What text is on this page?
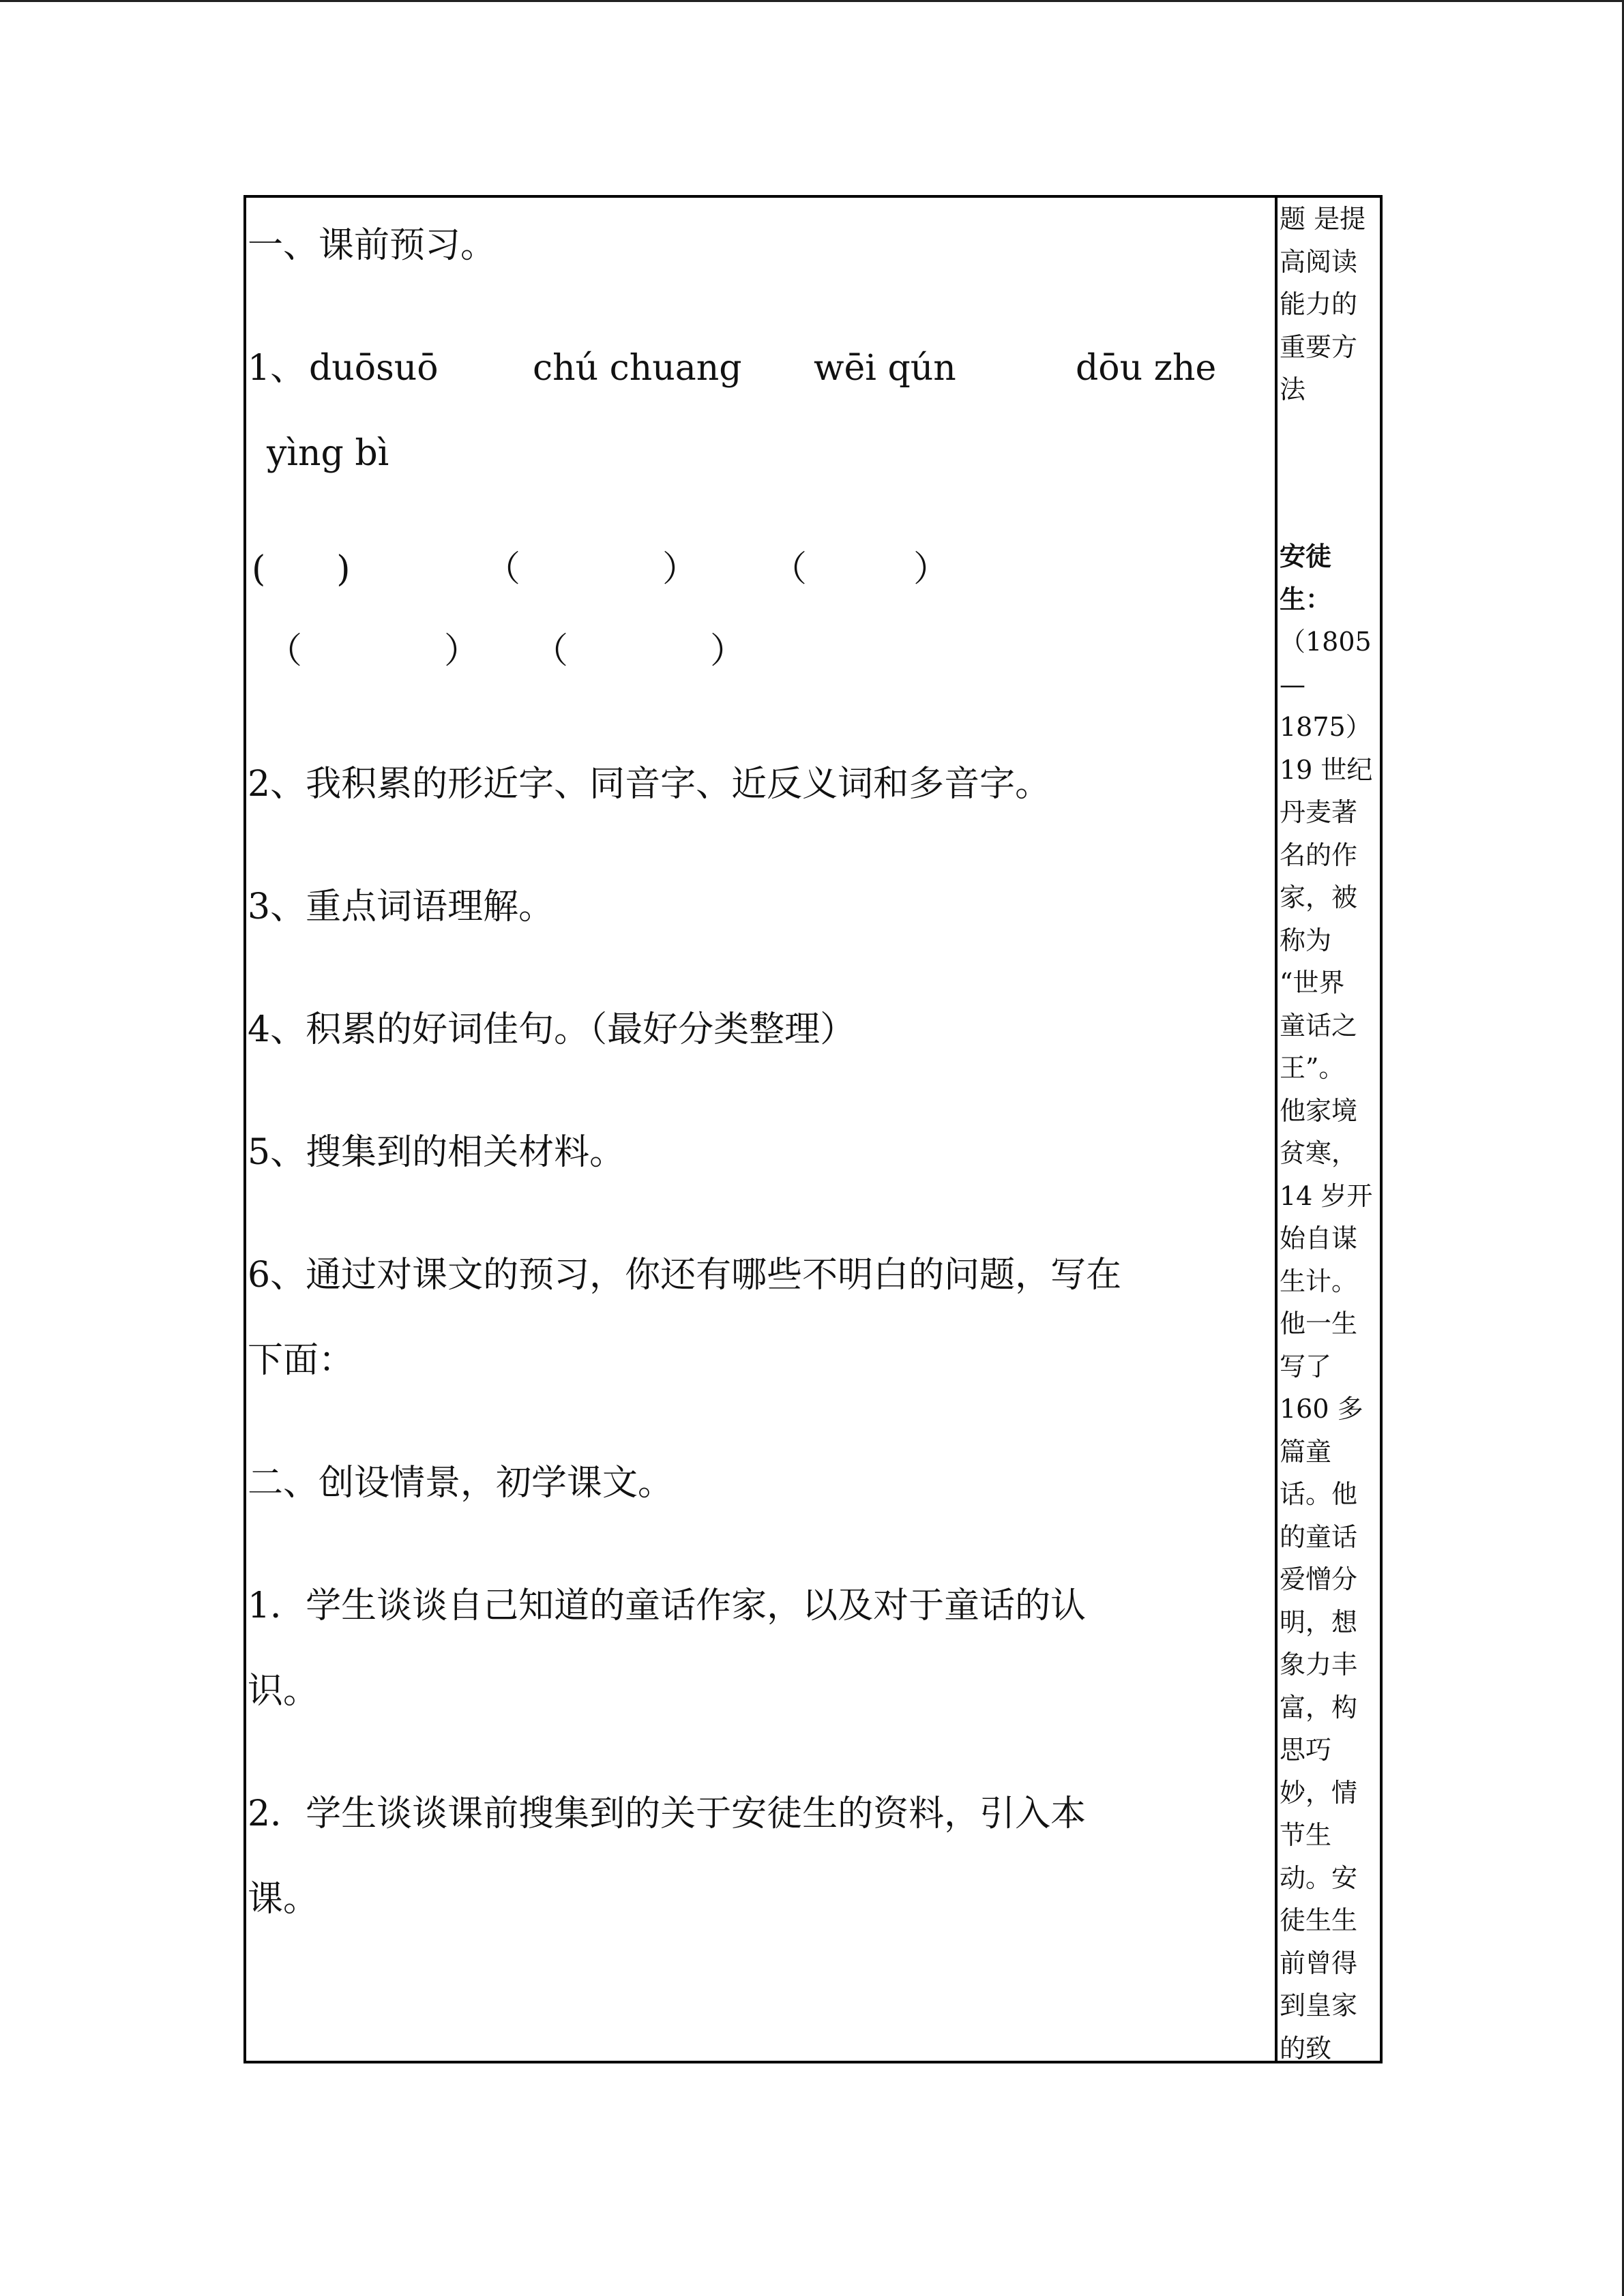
一、课前预习。
1、 duōsuō	chú chuang wēi qún	dōu zhe
yìng bì
(　　)	（　　　　） （　　　）
（　　　　） （　　　　）
2、我积累的形近字、同音字、近反义词和多音字。
3、重点词语理解。
4、积累的好词佳句。（最好分类整理）
5、搜集到的相关材料。
6、通过对课文的预习，你还有哪些不明白的问题，写在
下面：
二、创设情景，初学课文。
1．学生谈谈自己知道的童话作家，以及对于童话的认
识。
2．学生谈谈课前搜集到的关于安徒生的资料，引入本
课。
题 是提
高阅读
能力的
重要方
法
安徒
生：
（1805
—
1875）
19 世纪
丹麦著
名的作
家，被
称为
“世界
童话之
王”。
他家境
贫寒，
14 岁开
始自谋
生计。
他一生
写了
160 多
篇童
话。他
的童话
爱憎分
明，想
象力丰
富，构
思巧
妙，情
节生
动。安
徒生生
前曾得
到皇家
的致
